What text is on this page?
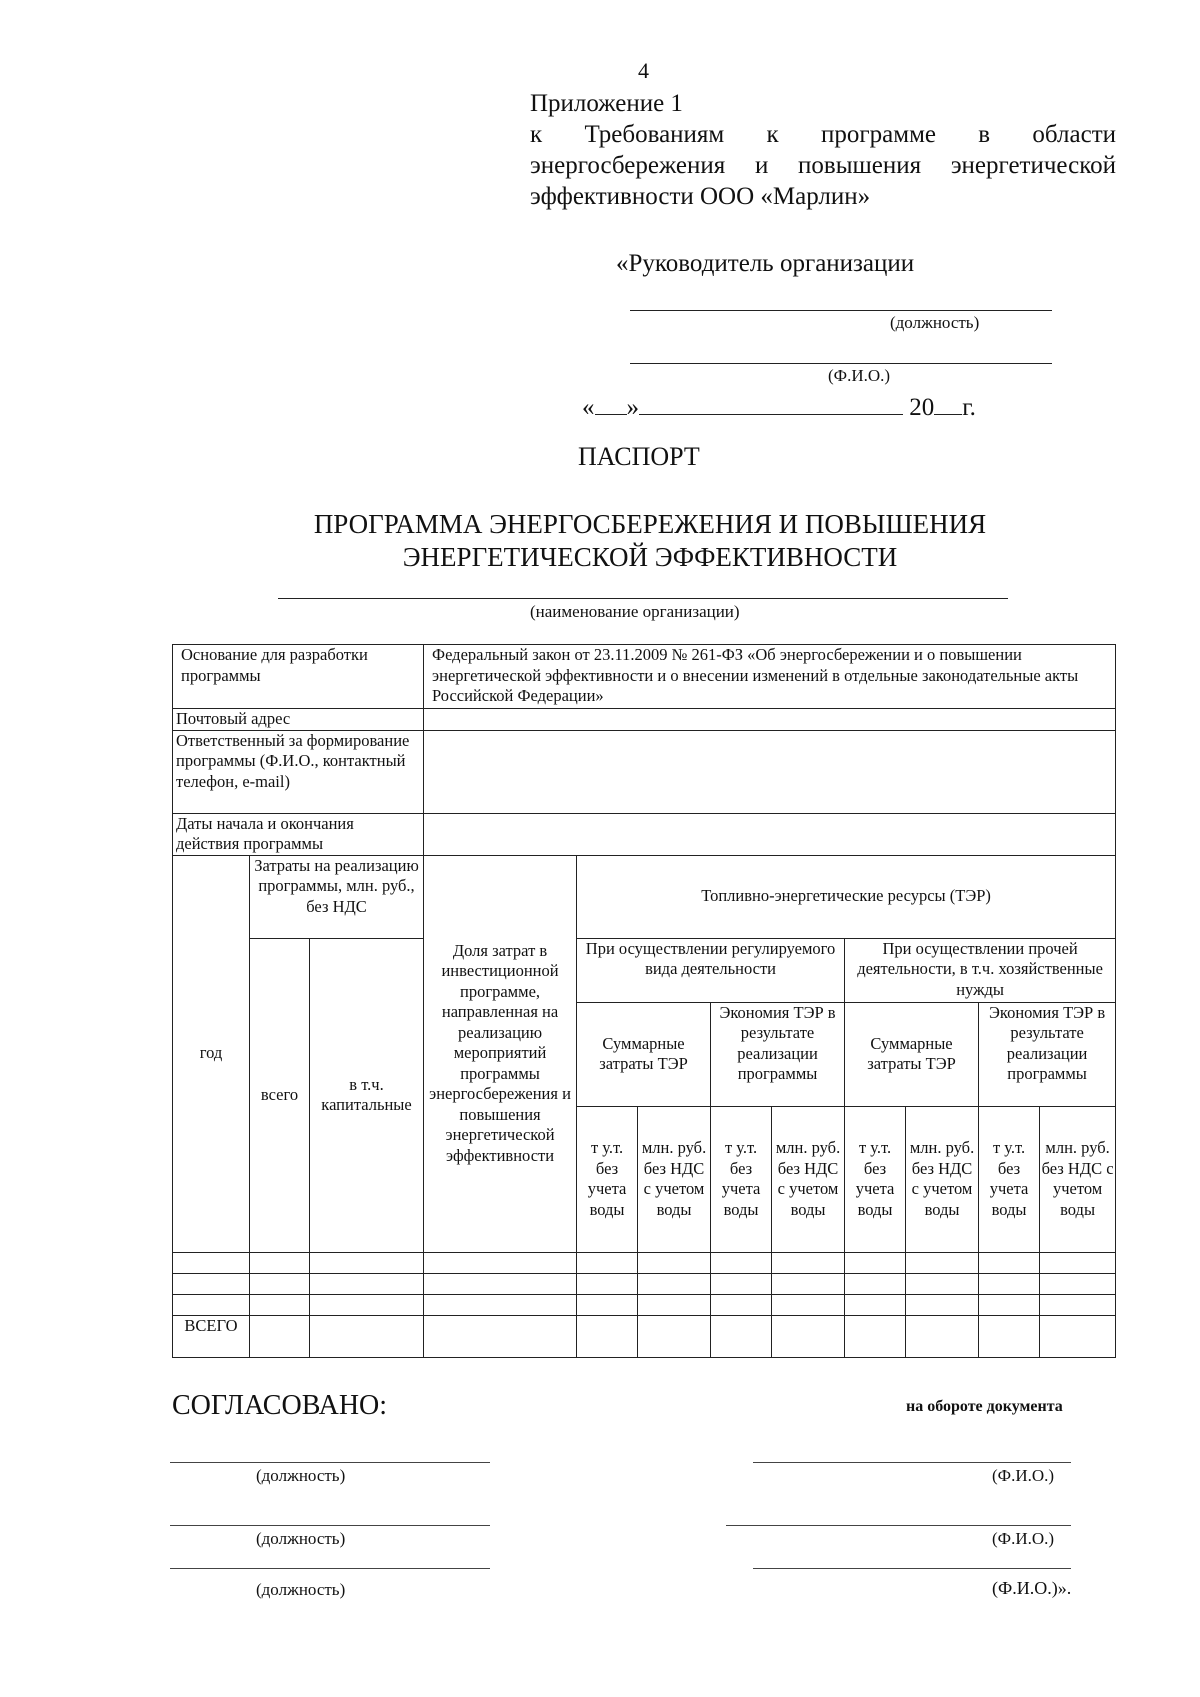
4
Приложение 1
к Требованиям к программе в области
энергосбережения и повышения энергетической
эффективности ООО «Марлин»
«Руководитель организации
(должность)
(Ф.И.О.)
« »	20 г.
ПАСПОРТ
ПРОГРАММА ЭНЕРГОСБЕРЕЖЕНИЯ И ПОВЫШЕНИЯ
ЭНЕРГЕТИЧЕСКОЙ ЭФФЕКТИВНОСТИ
(наименование организации)
Основание для разработки программы			Федеральный закон от 23.11.2009 № 261-ФЗ «Об энергосбережении и о повышении энергетической эффективности и о внесении изменений в отдельные законодательные акты Российской Федерации»								
Почтовый адрес											
Ответственный за формирование программы (Ф.И.О., контактный телефон, e-mail)											
Даты начала и окончания действия программы											
год	Затраты на реализацию программы, млн. руб., без НДС		Доля затрат в инвестиционной программе, направленная на реализацию мероприятий программы энергосбережения и повышения энергетической эффективности	Топливно-энергетические ресурсы (ТЭР)							
	всего	в т.ч. капитальные		При осуществлении регулируемого вида деятельности				При осуществлении прочей деятельности, в т.ч. хозяйственные нужды			
				Суммарные затраты ТЭР		Экономия ТЭР в результате реализации программы		Суммарные затраты ТЭР		Экономия ТЭР в результате реализации программы	
				т у.т. без учета воды	млн. руб. без НДС с учетом воды	т у.т. без учета воды	млн. руб. без НДС с учетом воды	т у.т. без учета воды	млн. руб. без НДС с учетом воды	т у.т. без учета воды	млн. руб. без НДС с учетом воды

ВСЕГО											
СОГЛАСОВАНО:	на обороте документа
(должность)	(Ф.И.О.)
(должность)	(Ф.И.О.)
(должность)	(Ф.И.О.)».
